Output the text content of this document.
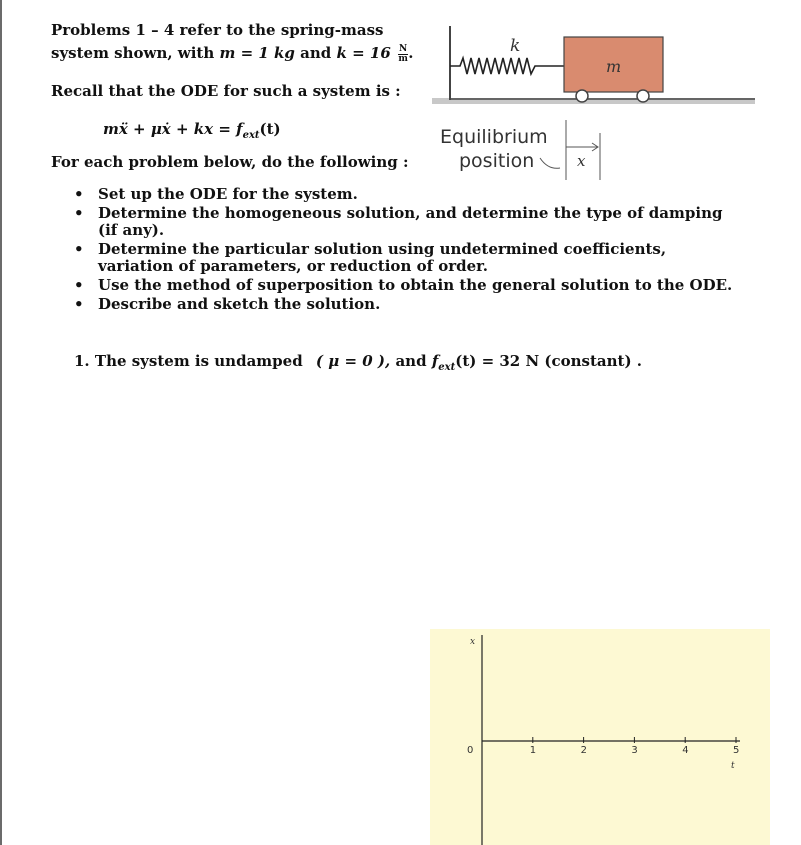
Problems 1 – 4 refer to the spring-mass
system shown, with m = 1 kg and $k = 16 \frac{N}{m}$ .
Recall that the ODE for such a system is :
mẍ + μẋ + kx = $f_{ext}(t)$
For each problem below, do the following :
• Set up the ODE for the system.
• Determine the homogeneous solution, and determine the type of damping (if any).
• Determine the particular solution using undetermined coefficients, variation of parameters, or reduction of order.
• Use the method of superposition to obtain the general solution to the ODE.
• Describe and sketch the solution.
1. The system is undamped ( μ = 0 ), and $f_{ext}(t) = 32$ N (constant) .
k
m
x
Equilibrium
position
x
t
0	1	2	3	4	5
